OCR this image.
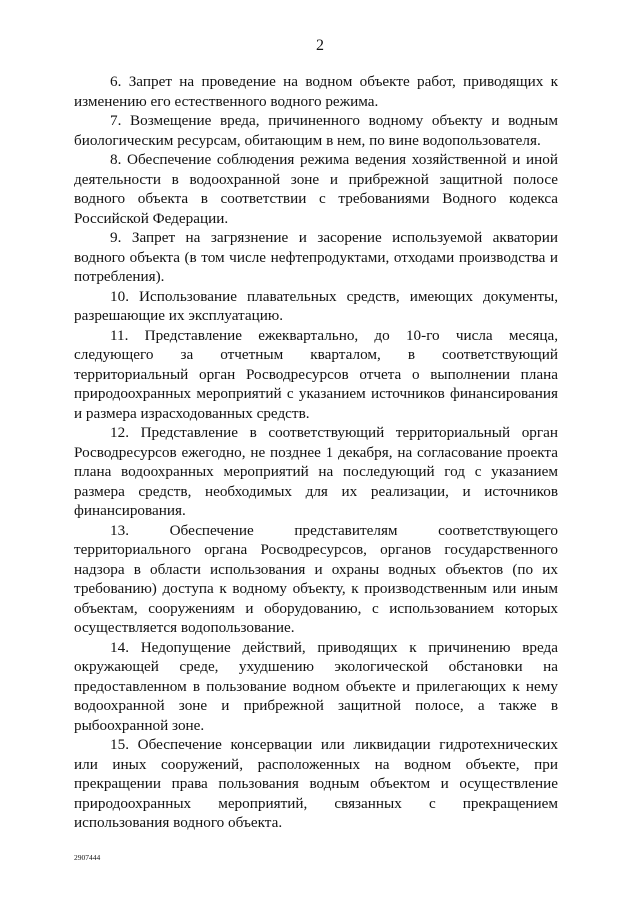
2

6. Запрет на проведение на водном объекте работ, приводящих к изменению его естественного водного режима.

7. Возмещение вреда, причиненного водному объекту и водным биологическим ресурсам, обитающим в нем, по вине водопользователя.

8. Обеспечение соблюдения режима ведения хозяйственной и иной деятельности в водоохранной зоне и прибрежной защитной полосе водного объекта в соответствии с требованиями Водного кодекса Российской Федерации.

9. Запрет на загрязнение и засорение используемой акватории водного объекта (в том числе нефтепродуктами, отходами производства и потребления).

10. Использование плавательных средств, имеющих документы, разрешающие их эксплуатацию.

11. Представление ежеквартально, до 10-го числа месяца, следующего за отчетным кварталом, в соответствующий территориальный орган Росводресурсов отчета о выполнении плана природоохранных мероприятий с указанием источников финансирования и размера израсходованных средств.

12. Представление в соответствующий территориальный орган Росводресурсов ежегодно, не позднее 1 декабря, на согласование проекта плана водоохранных мероприятий на последующий год с указанием размера средств, необходимых для их реализации, и источников финансирования.

13. Обеспечение представителям соответствующего территориального органа Росводресурсов, органов государственного надзора в области использования и охраны водных объектов (по их требованию) доступа к водному объекту, к производственным или иным объектам, сооружениям и оборудованию, с использованием которых осуществляется водопользование.

14. Недопущение действий, приводящих к причинению вреда окружающей среде, ухудшению экологической обстановки на предоставленном в пользование водном объекте и прилегающих к нему водоохранной зоне и прибрежной защитной полосе, а также в рыбоохранной зоне.

15. Обеспечение консервации или ликвидации гидротехнических или иных сооружений, расположенных на водном объекте, при прекращении права пользования водным объектом и осуществление природоохранных мероприятий, связанных с прекращением использования водного объекта.

2907444
